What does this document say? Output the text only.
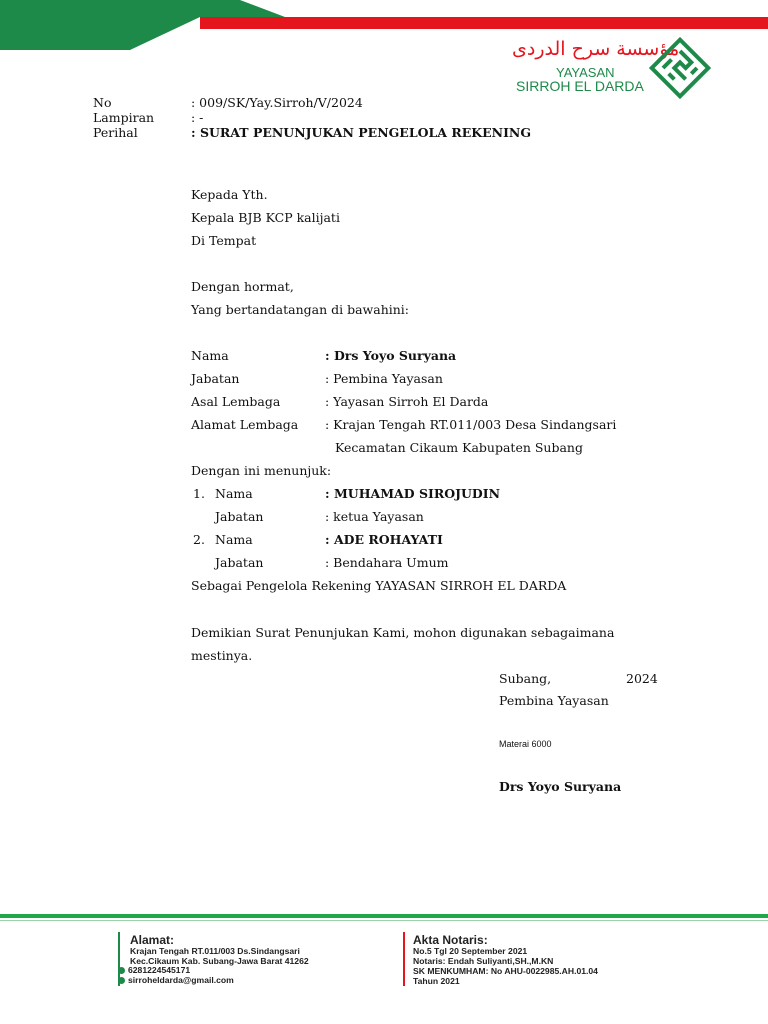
مؤسسة سرح الدردى
YAYASAN
SIRROH EL DARDA
No	: 009/SK/Yay.Sirroh/V/2024
Lampiran	: -
Perihal	: SURAT PENUNJUKAN PENGELOLA REKENING
Kepada Yth.
Kepala BJB KCP kalijati
Di Tempat
Dengan hormat,
Yang bertandatangan di bawahini:
Nama	: Drs Yoyo Suryana
Jabatan	: Pembina Yayasan
Asal Lembaga	: Yayasan Sirroh El Darda
Alamat Lembaga : Krajan Tengah RT.011/003 Desa Sindangsari
Kecamatan Cikaum Kabupaten Subang
Dengan ini menunjuk:
1. Nama	: MUHAMAD SIROJUDIN
Jabatan	: ketua Yayasan
2. Nama	: ADE ROHAYATI
Jabatan	: Bendahara Umum
Sebagai Pengelola Rekening YAYASAN SIRROH EL DARDA
Demikian Surat Penunjukan Kami, mohon digunakan sebagaimana
mestinya.
Subang,	2024
Pembina Yayasan
Materai 6000
Drs Yoyo Suryana
Alamat:
Krajan Tengah RT.011/003 Ds.Sindangsari
Kec.Cikaum Kab. Subang-Jawa Barat 41262
6281224545171
sirroheldarda@gmail.com
Akta Notaris:
No.5 Tgl 20 September 2021
Notaris: Endah Suliyanti,SH.,M.KN
SK MENKUMHAM: No AHU-0022985.AH.01.04
Tahun 2021
